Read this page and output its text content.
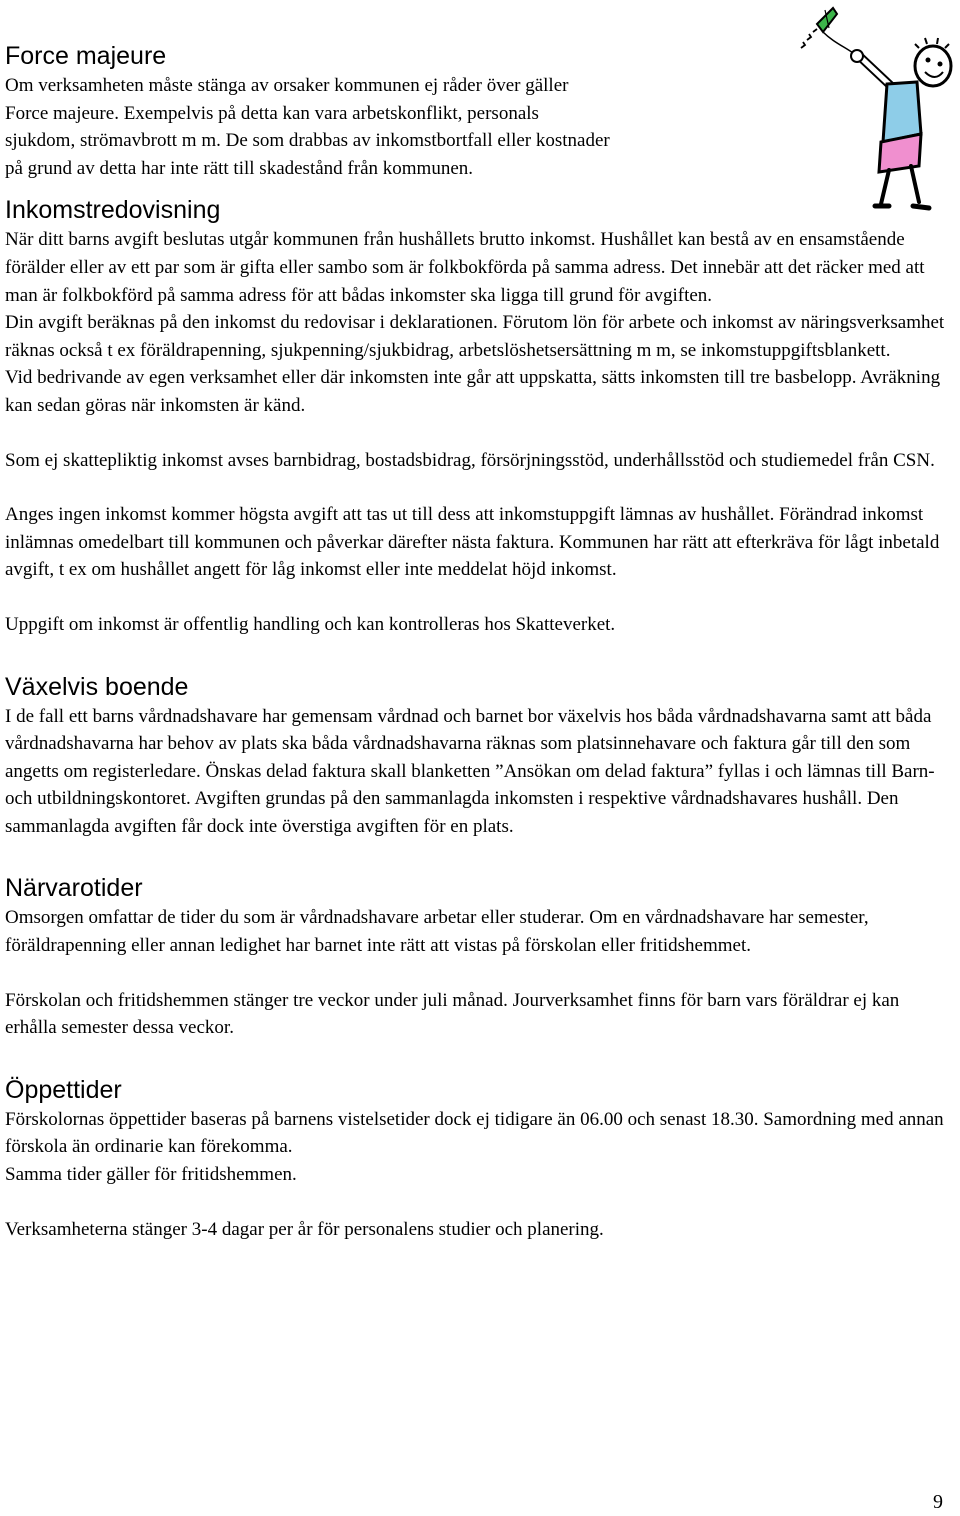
Force majeure

Om verksamheten måste stänga av orsaker kommunen ej råder över gäller

Force majeure. Exempelvis på detta kan vara arbetskonflikt, personals

sjukdom, strömavbrott m m. De som drabbas av inkomstbortfall eller kostnader

på grund av detta har inte rätt till skadestånd från kommunen.

Inkomstredovisning

När ditt barns avgift beslutas utgår kommunen från hushållets brutto inkomst. Hushållet kan bestå av en ensamstående förälder eller av ett par som är gifta eller sambo som är folkbokförda på samma adress. Det innebär att det räcker med att man är folkbokförd på samma adress för att bådas inkomster ska ligga till grund för avgiften.

Din avgift beräknas på den inkomst du redovisar i deklarationen. Förutom lön för arbete och inkomst av näringsverksamhet räknas också t ex föräldrapenning, sjukpenning/sjukbidrag, arbetslöshetsersättning m m, se inkomstuppgiftsblankett.

Vid bedrivande av egen verksamhet eller där inkomsten inte går att uppskatta, sätts inkomsten till tre basbelopp. Avräkning kan sedan göras när inkomsten är känd.

Som ej skattepliktig inkomst avses barnbidrag, bostadsbidrag, försörjningsstöd, underhållsstöd och studiemedel från CSN.

Anges ingen inkomst kommer högsta avgift att tas ut till dess att inkomstuppgift lämnas av hushållet. Förändrad inkomst inlämnas omedelbart till kommunen och påverkar därefter nästa faktura. Kommunen har rätt att efterkräva för lågt inbetald avgift, t ex om hushållet angett för låg inkomst eller inte meddelat höjd inkomst.

Uppgift om inkomst är offentlig handling och kan kontrolleras hos Skatteverket.

Växelvis boende

I de fall ett barns vårdnadshavare har gemensam vårdnad och barnet bor växelvis hos båda vårdnadshavarna samt att båda vårdnadshavarna har behov av plats ska båda vårdnadshavarna räknas som platsinnehavare och faktura går till den som angetts om registerledare. Önskas delad faktura skall blanketten ”Ansökan om delad faktura” fyllas i och lämnas till Barn- och utbildningskontoret. Avgiften grundas på den sammanlagda inkomsten i respektive vårdnadshavares hushåll. Den sammanlagda avgiften får dock inte överstiga avgiften för en plats.

Närvarotider

Omsorgen omfattar de tider du som är vårdnadshavare arbetar eller studerar. Om en vårdnadshavare har semester, föräldrapenning eller annan ledighet har barnet inte rätt att vistas på förskolan eller fritidshemmet.

Förskolan och fritidshemmen stänger tre veckor under juli månad. Jourverksamhet finns för barn vars föräldrar ej kan erhålla semester dessa veckor.

Öppettider

Förskolornas öppettider baseras på barnens vistelsetider dock ej tidigare än 06.00 och senast 18.30. Samordning med annan förskola än ordinarie kan förekomma.

Samma tider gäller för fritidshemmen.

Verksamheterna stänger 3-4 dagar per år för personalens studier och planering.

9
